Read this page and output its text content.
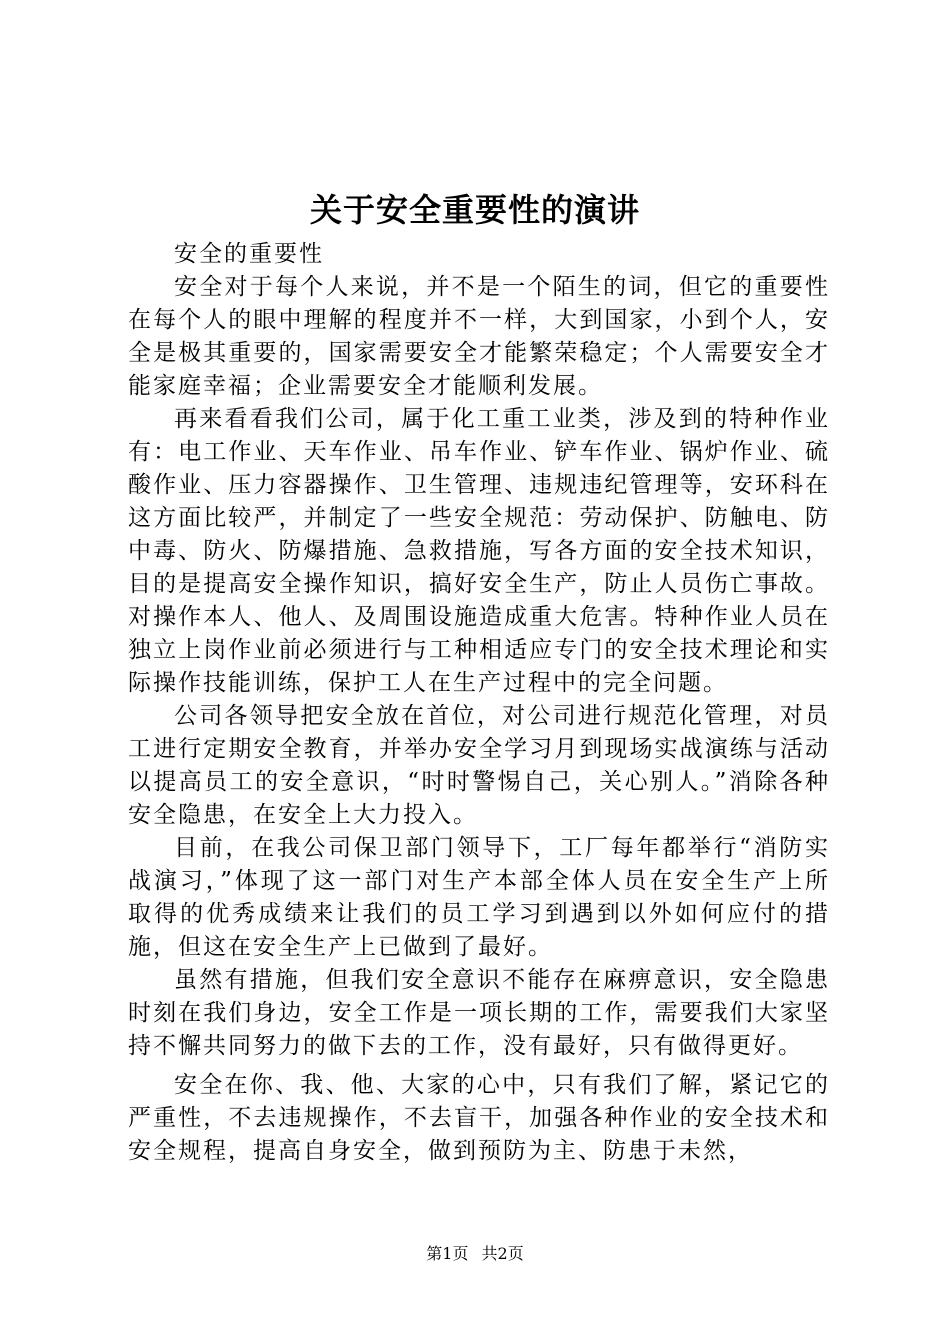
关于安全重要性的演讲

安全的重要性

安全对于每个人来说，并不是一个陌生的词，但它的重要性在每个人的眼中理解的程度并不一样，大到国家，小到个人，安全是极其重要的，国家需要安全才能繁荣稳定；个人需要安全才能家庭幸福；企业需要安全才能顺利发展。

再来看看我们公司，属于化工重工业类，涉及到的特种作业有：电工作业、天车作业、吊车作业、铲车作业、锅炉作业、硫酸作业、压力容器操作、卫生管理、违规违纪管理等，安环科在这方面比较严，并制定了一些安全规范：劳动保护、防触电、防中毒、防火、防爆措施、急救措施，写各方面的安全技术知识，目的是提高安全操作知识，搞好安全生产，防止人员伤亡事故。对操作本人、他人、及周围设施造成重大危害。特种作业人员在独立上岗作业前必须进行与工种相适应专门的安全技术理论和实际操作技能训练，保护工人在生产过程中的完全问题。

公司各领导把安全放在首位，对公司进行规范化管理，对员工进行定期安全教育，并举办安全学习月到现场实战演练与活动以提高员工的安全意识，“时时警惕自己，关心别人。”消除各种安全隐患，在安全上大力投入。

目前，在我公司保卫部门领导下，工厂每年都举行“消防实战演习，”体现了这一部门对生产本部全体人员在安全生产上所取得的优秀成绩来让我们的员工学习到遇到以外如何应付的措施，但这在安全生产上已做到了最好。

虽然有措施，但我们安全意识不能存在麻痹意识，安全隐患时刻在我们身边，安全工作是一项长期的工作，需要我们大家坚持不懈共同努力的做下去的工作，没有最好，只有做得更好。

安全在你、我、他、大家的心中，只有我们了解，紧记它的严重性，不去违规操作，不去盲干，加强各种作业的安全技术和安全规程，提高自身安全，做到预防为主、防患于未然，

第1页 共2页
